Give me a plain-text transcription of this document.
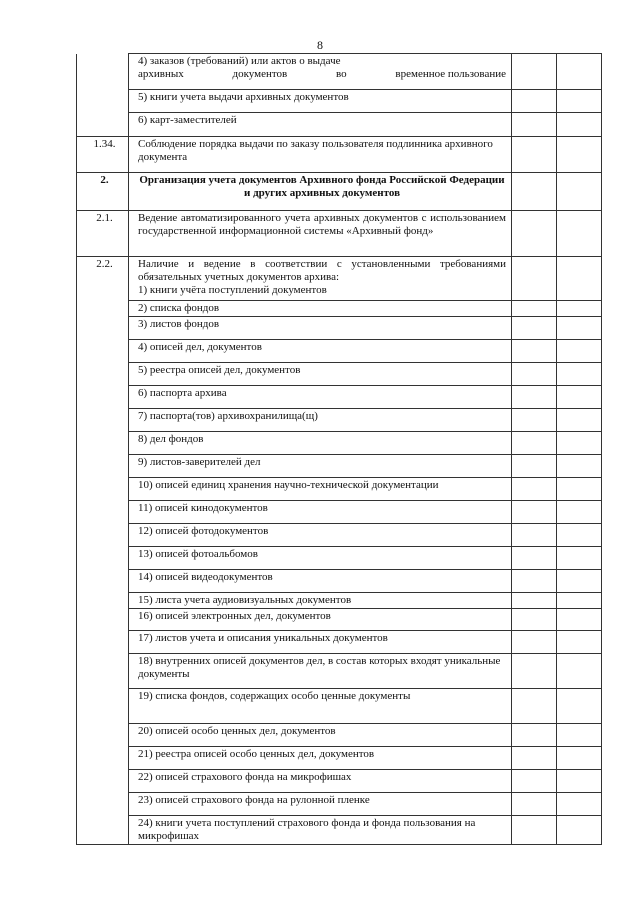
8

	4) заказов (требований) или актов о выдаче
архивных документов во временное пользование		

	5) книги учета выдачи архивных документов		
	6) карт-заместителей		
1.34.	Соблюдение порядка выдачи по заказу пользователя подлинника архивного документа		
2.	Организация учета документов Архивного фонда Российской Федерации и других архивных документов		
2.1.	Ведение автоматизированного учета архивных документов с использованием государственной информационной системы «Архивный фонд»		
2.2.	Наличие и ведение в соответствии с установленными требованиями обязательных учетных документов архива:
1) книги учёта поступлений документов		

	2) списка фондов		
	3) листов фондов		
	4) описей дел, документов		
	5) реестра описей дел, документов		
	6) паспорта архива		
	7) паспорта(тов) архивохранилища(щ)		
	8) дел фондов		
	9) листов-заверителей дел		
	10) описей единиц хранения научно-технической документации		
	11) описей кинодокументов		
	12) описей фотодокументов		
	13) описей фотоальбомов		
	14) описей видеодокументов		
	15) листа учета аудиовизуальных документов		
	16) описей электронных дел, документов		
	17) листов учета и описания уникальных документов		
	18) внутренних описей документов дел, в состав которых входят уникальные документы		
	19) списка фондов, содержащих особо ценные документы		
	20) описей особо ценных дел, документов		
	21) реестра описей особо ценных дел, документов		
	22) описей страхового фонда на микрофишах		
	23) описей страхового фонда на рулонной пленке		
	24) книги учета поступлений страхового фонда и фонда пользования на микрофишах		
